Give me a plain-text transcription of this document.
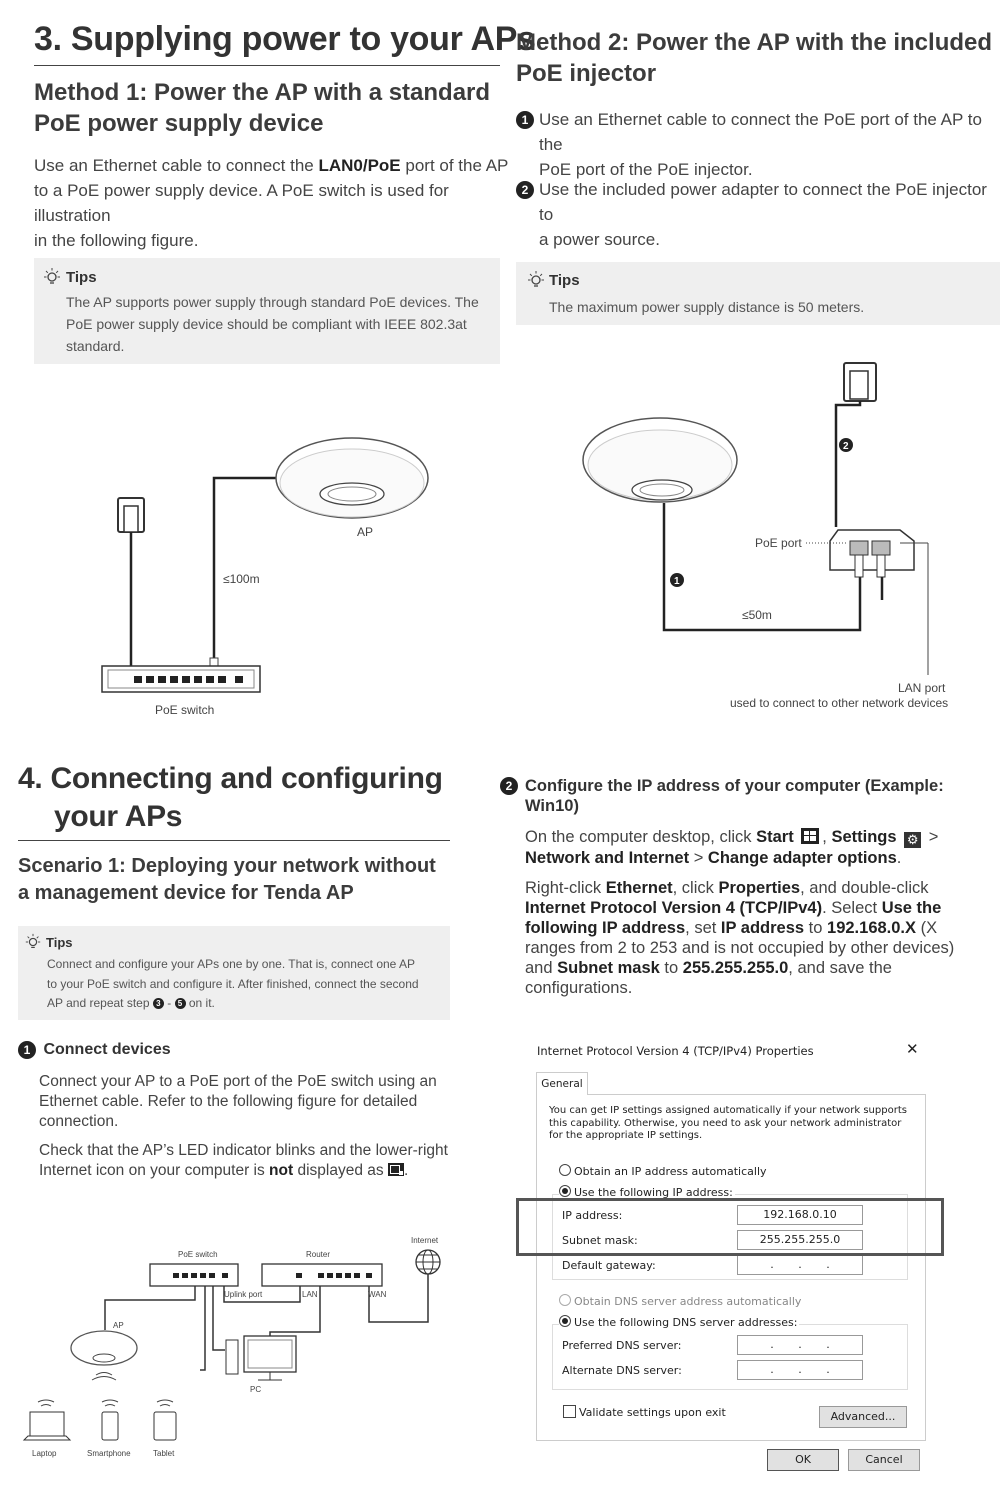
3. Supplying power to your APs
Method 1: Power the AP with a standard
PoE power supply device
Use an Ethernet cable to connect the LAN0/PoE port of the AP
to a PoE power supply device. A PoE switch is used for illustration
in the following figure.
Tips
The AP supports power supply through standard PoE devices. The
PoE power supply device should be compliant with IEEE 802.3at
standard.
AP
≤100m
PoE switch
Method 2: Power the AP with the included
PoE injector
1 Use an Ethernet cable to connect the PoE port of the AP to the
PoE port of the PoE injector.
2 Use the included power adapter to connect the PoE injector to
a power source.
Tips
The maximum power supply distance is 50 meters.
1
≤50m
2
PoE port
LAN port
used to connect to other network devices
4. Connecting and configuring
your APs
Scenario 1: Deploying your network without
a management device for Tenda AP
Tips
Connect and configure your APs one by one. That is, connect one AP
to your PoE switch and configure it. After finished, connect the second
AP and repeat step 3 - 5 on it.
1 Connect devices
Connect your AP to a PoE port of the PoE switch using an
Ethernet cable. Refer to the following figure for detailed
connection.
Check that the AP’s LED indicator blinks and the lower-right
Internet icon on your computer is not displayed as
.
PoE switch	Router
Internet
Uplink port	LAN	WAN
AP
PC
Laptop	Smartphone	Tablet
2 Configure the IP address of your computer (Example:
Win10)
On the computer desktop, click Start , Settings ⚙ >
Network and Internet > Change adapter options.
Right-click Ethernet, click Properties, and double-click
Internet Protocol Version 4 (TCP/IPv4). Select Use the
following IP address, set IP address to 192.168.0.X (X
ranges from 2 to 253 and is not occupied by other devices)
and Subnet mask to 255.255.255.0, and save the
configurations.
Internet Protocol Version 4 (TCP/IPv4) Properties	✕
General
You can get IP settings assigned automatically if your network supports
this capability. Otherwise, you need to ask your network administrator
for the appropriate IP settings.
Obtain an IP address automatically
Use the following IP address:
IP address:	192.168.0.10
Subnet mask:	255.255.255.0
Default gateway:	.       .       .
Obtain DNS server address automatically
Use the following DNS server addresses:
Preferred DNS server:	.       .       .
Alternate DNS server:	.       .       .
Validate settings upon exit	Advanced...
OK	Cancel
